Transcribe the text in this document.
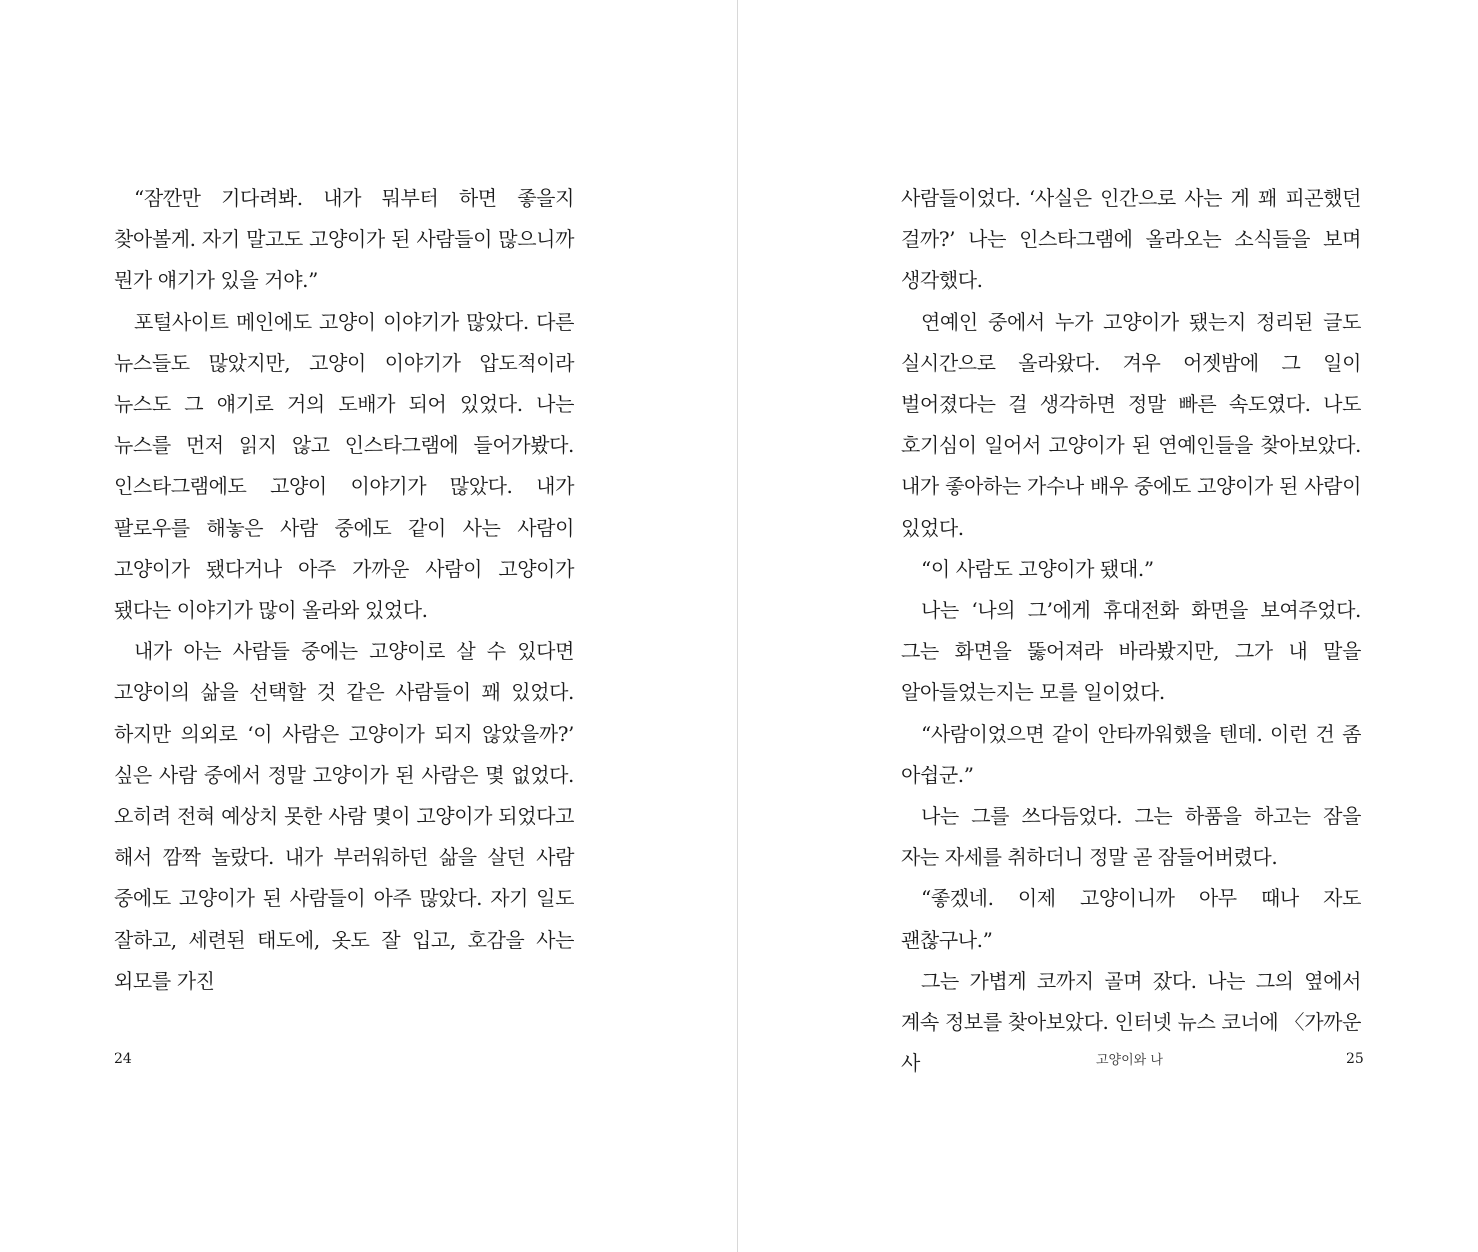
“잠깐만 기다려봐. 내가 뭐부터 하면 좋을지 찾아볼게. 자기 말고도 고양이가 된 사람들이 많으니까 뭔가 얘기가 있을 거야.”

포털사이트 메인에도 고양이 이야기가 많았다. 다른 뉴스들도 많았지만, 고양이 이야기가 압도적이라 뉴스도 그 얘기로 거의 도배가 되어 있었다. 나는 뉴스를 먼저 읽지 않고 인스타그램에 들어가봤다. 인스타그램에도 고양이 이야기가 많았다. 내가 팔로우를 해놓은 사람 중에도 같이 사는 사람이 고양이가 됐다거나 아주 가까운 사람이 고양이가 됐다는 이야기가 많이 올라와 있었다.

내가 아는 사람들 중에는 고양이로 살 수 있다면 고양이의 삶을 선택할 것 같은 사람들이 꽤 있었다. 하지만 의외로 ‘이 사람은 고양이가 되지 않았을까?’ 싶은 사람 중에서 정말 고양이가 된 사람은 몇 없었다. 오히려 전혀 예상치 못한 사람 몇이 고양이가 되었다고 해서 깜짝 놀랐다. 내가 부러워하던 삶을 살던 사람 중에도 고양이가 된 사람들이 아주 많았다. 자기 일도 잘하고, 세련된 태도에, 옷도 잘 입고, 호감을 사는 외모를 가진

24

사람들이었다. ‘사실은 인간으로 사는 게 꽤 피곤했던 걸까?’ 나는 인스타그램에 올라오는 소식들을 보며 생각했다.

연예인 중에서 누가 고양이가 됐는지 정리된 글도 실시간으로 올라왔다. 겨우 어젯밤에 그 일이 벌어졌다는 걸 생각하면 정말 빠른 속도였다. 나도 호기심이 일어서 고양이가 된 연예인들을 찾아보았다. 내가 좋아하는 가수나 배우 중에도 고양이가 된 사람이 있었다.

“이 사람도 고양이가 됐대.”

나는 ‘나의 그’에게 휴대전화 화면을 보여주었다. 그는 화면을 뚫어져라 바라봤지만, 그가 내 말을 알아들었는지는 모를 일이었다.

“사람이었으면 같이 안타까워했을 텐데. 이런 건 좀 아쉽군.”

나는 그를 쓰다듬었다. 그는 하품을 하고는 잠을 자는 자세를 취하더니 정말 곧 잠들어버렸다.

“좋겠네. 이제 고양이니까 아무 때나 자도 괜찮구나.”

그는 가볍게 코까지 골며 잤다. 나는 그의 옆에서 계속 정보를 찾아보았다. 인터넷 뉴스 코너에 〈가까운 사	고양이와 나	25
